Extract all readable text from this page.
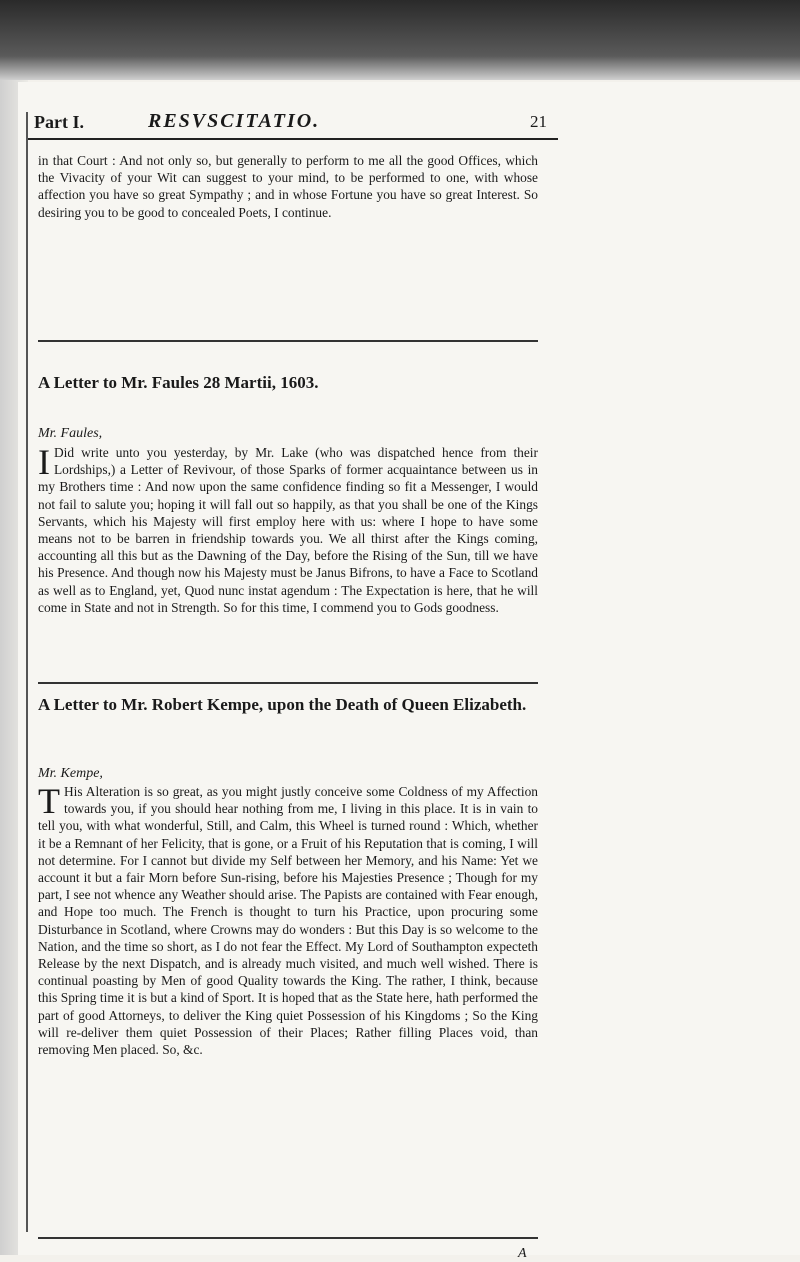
Part I.	RESVSCITATIO.	21
in that Court : And not only so, but generally to perform to me all the good Offices, which the Vivacity of your Wit can suggest to your mind, to be performed to one, with whose affection you have so great Sympathy ; and in whose Fortune you have so great Interest. So desiring you to be good to concealed Poets, I continue.
A Letter to Mr. Faules 28 Martii, 1603.
Mr. Faules,
I Did write unto you yesterday, by Mr. Lake (who was dispatched hence from their Lordships,) a Letter of Revivour, of those Sparks of former acquaintance between us in my Brothers time : And now upon the same confidence finding so fit a Messenger, I would not fail to salute you; hoping it will fall out so happily, as that you shall be one of the Kings Servants, which his Majesty will first employ here with us: where I hope to have some means not to be barren in friendship towards you. We all thirst after the Kings coming, accounting all this but as the Dawning of the Day, before the Rising of the Sun, till we have his Presence. And though now his Majesty must be Janus Bifrons, to have a Face to Scotland as well as to England, yet, Quod nunc instat agendum : The Expectation is here, that he will come in State and not in Strength. So for this time, I commend you to Gods goodness.
A Letter to Mr. Robert Kempe, upon the Death of Queen Elizabeth.
Mr. Kempe,
T His Alteration is so great, as you might justly conceive some Coldness of my Affection towards you, if you should hear nothing from me, I living in this place. It is in vain to tell you, with what wonderful, Still, and Calm, this Wheel is turned round : Which, whether it be a Remnant of her Felicity, that is gone, or a Fruit of his Reputation that is coming, I will not determine. For I cannot but divide my Self between her Memory, and his Name: Yet we account it but a fair Morn before Sun-rising, before his Majesties Presence ; Though for my part, I see not whence any Weather should arise. The Papists are contained with Fear enough, and Hope too much. The French is thought to turn his Practice, upon procuring some Disturbance in Scotland, where Crowns may do wonders : But this Day is so welcome to the Nation, and the time so short, as I do not fear the Effect. My Lord of Southampton expecteth Release by the next Dispatch, and is already much visited, and much well wished. There is continual poasting by Men of good Quality towards the King. The rather, I think, because this Spring time it is but a kind of Sport. It is hoped that as the State here, hath performed the part of good Attorneys, to deliver the King quiet Possession of his Kingdoms ; So the King will re-deliver them quiet Possession of their Places; Rather filling Places void, than removing Men placed. So, &c.
A
